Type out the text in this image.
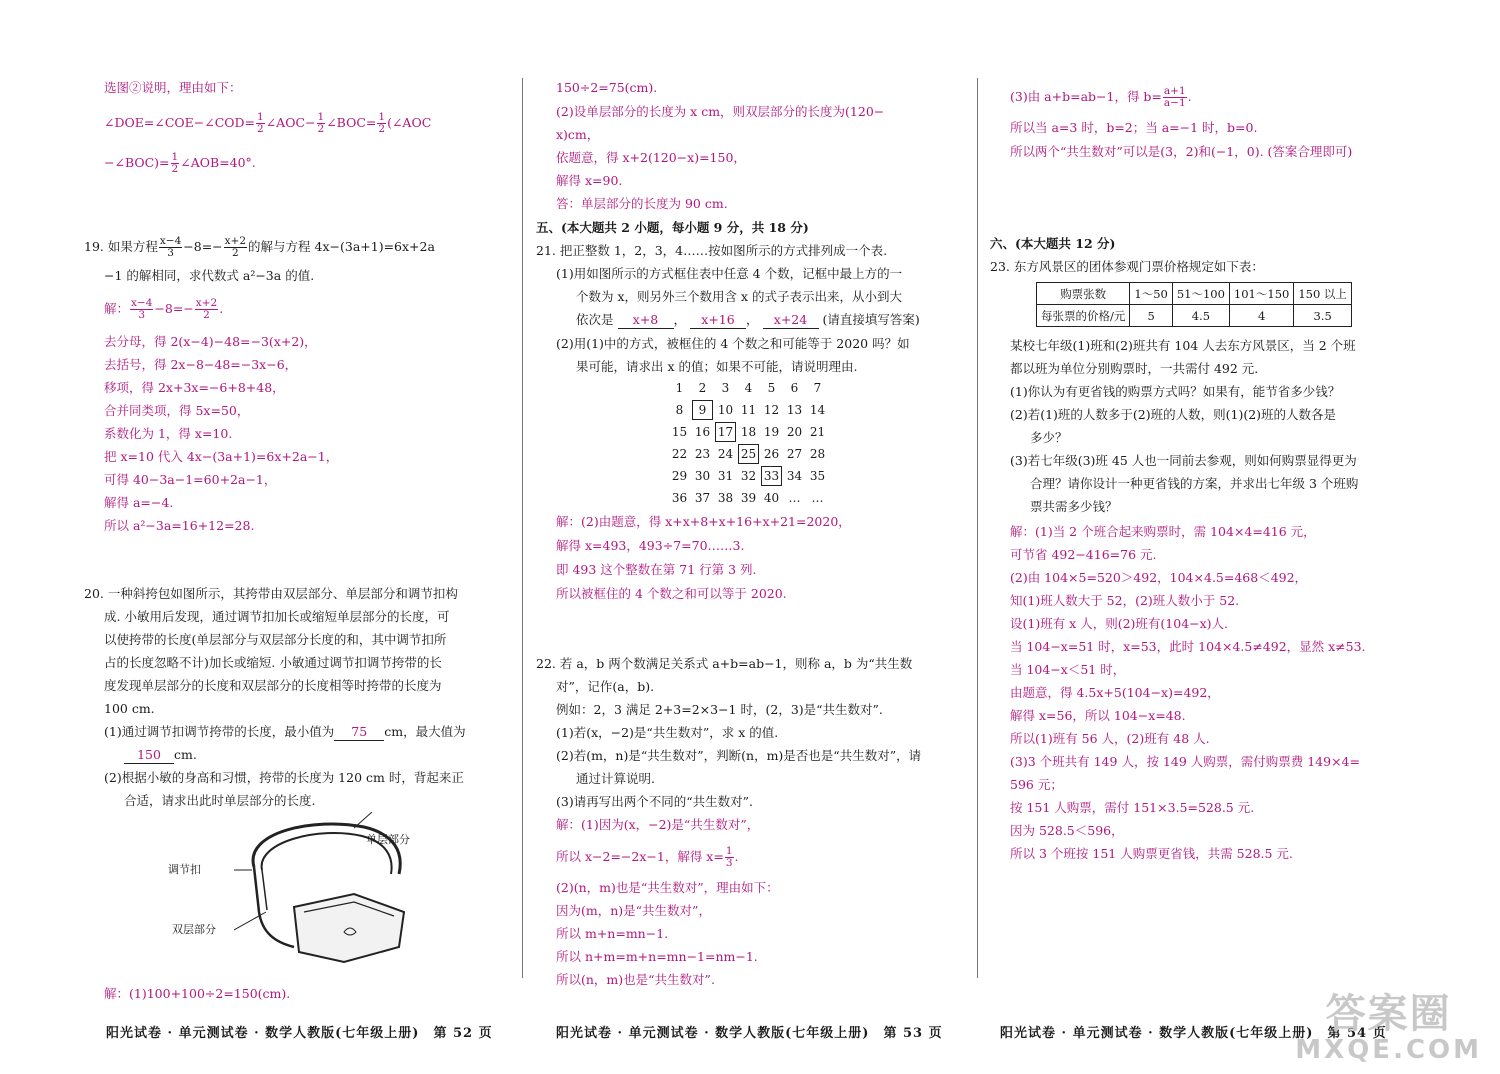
选图②说明，理由如下：
∠DOE=∠COE−∠COD= $\frac{1}{2}$ ∠AOC− $\frac{1}{2}$ ∠BOC= $\frac{1}{2}$ (∠AOC
−∠BOC)= $\frac{1}{2}$ ∠AOB=40°.
19. 如果方程 $\frac{x-4}{3} -8=- \frac{x+2}{2}$ 的解与方程 4x−(3a+1)=6x+2a
−1 的解相同，求代数式 a²−3a 的值.
解： $\frac{x-4}{3} -8=- \frac{x+2}{2}$ .
去分母，得 2(x−4)−48=−3(x+2)，
去括号，得 2x−8−48=−3x−6，
移项，得 2x+3x=−6+8+48，
合并同类项，得 5x=50，
系数化为 1，得 x=10.
把 x=10 代入 4x−(3a+1)=6x+2a−1，
可得 40−3a−1=60+2a−1，
解得 a=−4.
所以 a²−3a=16+12=28.
20. 一种斜挎包如图所示，其挎带由双层部分、单层部分和调节扣构
成. 小敏用后发现，通过调节扣加长或缩短单层部分的长度，可
以使挎带的长度(单层部分与双层部分长度的和，其中调节扣所
占的长度忽略不计)加长或缩短. 小敏通过调节扣调节挎带的长
度发现单层部分的长度和双层部分的长度相等时挎带的长度为
100 cm.
(1)通过调节扣调节挎带的长度，最小值为 75 cm，最大值为
150 cm.
(2)根据小敏的身高和习惯，挎带的长度为 120 cm 时，背起来正
合适，请求出此时单层部分的长度.
单层部分
调节扣
双层部分
解：(1)100+100÷2=150(cm).
150÷2=75(cm).
(2)设单层部分的长度为 x cm，则双层部分的长度为(120−
x)cm，
依题意，得 x+2(120−x)=150，
解得 x=90.
答：单层部分的长度为 90 cm.
五、(本大题共 2 小题，每小题 9 分，共 18 分)
21. 把正整数 1，2，3，4……按如图所示的方式排列成一个表.
(1)用如图所示的方式框住表中任意 4 个数，记框中最上方的一
个数为 x，则另外三个数用含 x 的式子表示出来，从小到大
依次是 x+8 ， x+16 ， x+24 (请直接填写答案)
(2)用(1)中的方式，被框住的 4 个数之和可能等于 2020 吗？如
果可能，请求出 x 的值；如果不可能，请说明理由.
1	2	3	4	5	6	7
8	9	10	11	12	13	14
15	16	17	18	19	20	21
22	23	24	25	26	27	28
29	30	31	32	33	34	35
36	37	38	39	40	…	…
解：(2)由题意，得 x+x+8+x+16+x+21=2020，
解得 x=493，493÷7=70……3.
即 493 这个整数在第 71 行第 3 列.
所以被框住的 4 个数之和可以等于 2020.
22. 若 a，b 两个数满足关系式 a+b=ab−1，则称 a，b 为“共生数
对”，记作(a，b).
例如：2，3 满足 2+3=2×3−1 时，(2，3)是“共生数对”.
(1)若(x，−2)是“共生数对”，求 x 的值.
(2)若(m，n)是“共生数对”，判断(n，m)是否也是“共生数对”，请
通过计算说明.
(3)请再写出两个不同的“共生数对”.
解：(1)因为(x，−2)是“共生数对”，
所以 x−2=−2x−1，解得 $x= \frac{1}{3}$ .
(2)(n，m)也是“共生数对”，理由如下：
因为(m，n)是“共生数对”，
所以 m+n=mn−1.
所以 n+m=m+n=mn−1=nm−1.
所以(n，m)也是“共生数对”.
(3)由 a+b=ab−1，得 $b= \frac{a+1}{a-1}$ .
所以当 a=3 时，b=2；当 a=−1 时，b=0.
所以两个“共生数对”可以是(3，2)和(−1，0). (答案合理即可)
六、(本大题共 12 分)
23. 东方风景区的团体参观门票价格规定如下表：
购票张数	1～50	51～100	101～150	150 以上
每张票的价格/元	5	4.5	4	3.5
某校七年级(1)班和(2)班共有 104 人去东方风景区，当 2 个班
都以班为单位分别购票时，一共需付 492 元.
(1)你认为有更省钱的购票方式吗？如果有，能节省多少钱？
(2)若(1)班的人数多于(2)班的人数，则(1)(2)班的人数各是
多少？
(3)若七年级(3)班 45 人也一同前去参观，则如何购票显得更为
合理？请你设计一种更省钱的方案，并求出七年级 3 个班购
票共需多少钱？
解：(1)当 2 个班合起来购票时，需 104×4=416 元，
可节省 492−416=76 元.
(2)由 104×5=520＞492，104×4.5=468＜492，
知(1)班人数大于 52，(2)班人数小于 52.
设(1)班有 x 人，则(2)班有(104−x)人.
当 104−x=51 时，x=53，此时 104×4.5≠492，显然 x≠53.
当 104−x＜51 时，
由题意，得 4.5x+5(104−x)=492，
解得 x=56，所以 104−x=48.
所以(1)班有 56 人，(2)班有 48 人.
(3)3 个班共有 149 人，按 149 人购票，需付购票费 149×4=
596 元；
按 151 人购票，需付 151×3.5=528.5 元.
因为 528.5＜596，
所以 3 个班按 151 人购票更省钱，共需 528.5 元.
阳光试卷 · 单元测试卷 · 数学人教版(七年级上册)　第 52 页	阳光试卷 · 单元测试卷 · 数学人教版(七年级上册)　第 53 页	阳光试卷 · 单元测试卷 · 数学人教版(七年级上册)　第 54 页
答案圈
MXQE.COM
